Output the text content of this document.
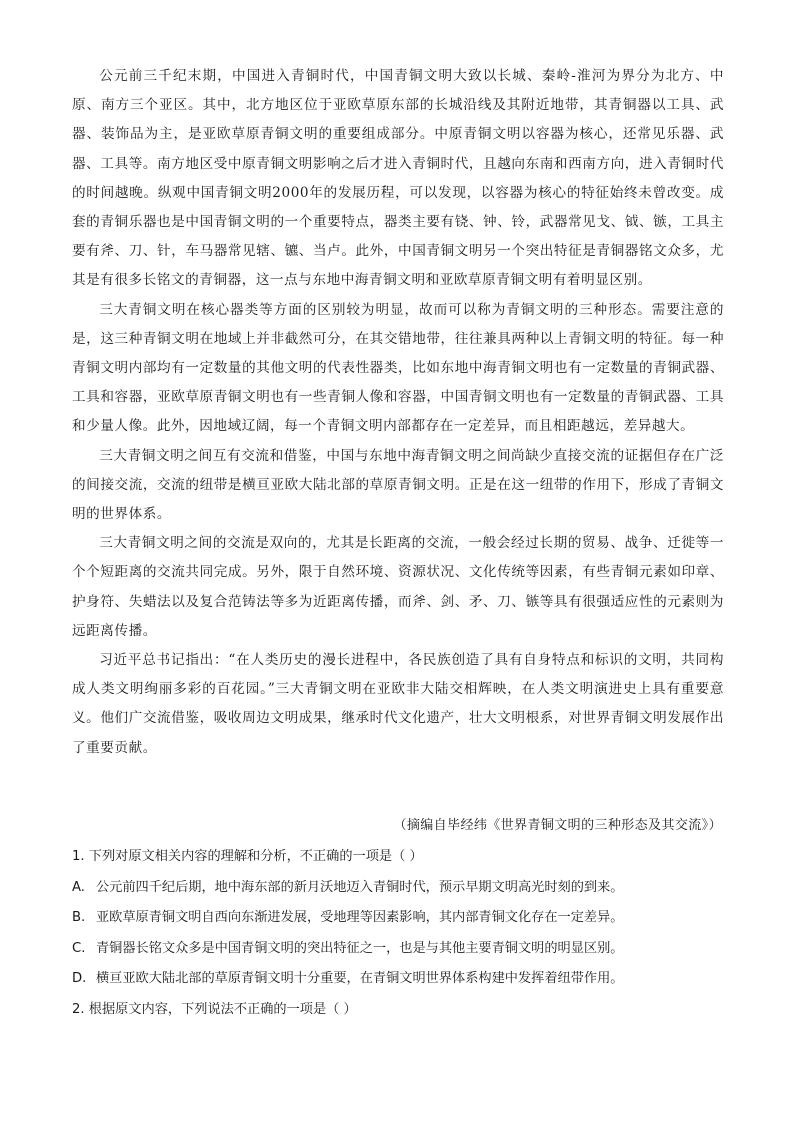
公元前三千纪末期，中国进入青铜时代，中国青铜文明大致以长城、秦岭-淮河为界分为北方、中原、南方三个亚区。其中，北方地区位于亚欧草原东部的长城沿线及其附近地带，其青铜器以工具、武器、装饰品为主，是亚欧草原青铜文明的重要组成部分。中原青铜文明以容器为核心，还常见乐器、武器、工具等。南方地区受中原青铜文明影响之后才进入青铜时代，且越向东南和西南方向，进入青铜时代的时间越晚。纵观中国青铜文明2000年的发展历程，可以发现，以容器为核心的特征始终未曾改变。成套的青铜乐器也是中国青铜文明的一个重要特点，器类主要有铙、钟、铃，武器常见戈、钺、镞，工具主要有斧、刀、针，车马器常见辖、镳、当卢。此外，中国青铜文明另一个突出特征是青铜器铭文众多，尤其是有很多长铭文的青铜器，这一点与东地中海青铜文明和亚欧草原青铜文明有着明显区别。

三大青铜文明在核心器类等方面的区别较为明显，故而可以称为青铜文明的三种形态。需要注意的是，这三种青铜文明在地域上并非截然可分，在其交错地带，往往兼具两种以上青铜文明的特征。每一种青铜文明内部均有一定数量的其他文明的代表性器类，比如东地中海青铜文明也有一定数量的青铜武器、工具和容器，亚欧草原青铜文明也有一些青铜人像和容器，中国青铜文明也有一定数量的青铜武器、工具和少量人像。此外，因地域辽阔，每一个青铜文明内部都存在一定差异，而且相距越远，差异越大。

三大青铜文明之间互有交流和借鉴，中国与东地中海青铜文明之间尚缺少直接交流的证据但存在广泛的间接交流，交流的纽带是横亘亚欧大陆北部的草原青铜文明。正是在这一纽带的作用下，形成了青铜文明的世界体系。

三大青铜文明之间的交流是双向的，尤其是长距离的交流，一般会经过长期的贸易、战争、迁徙等一个个短距离的交流共同完成。另外，限于自然环境、资源状况、文化传统等因素，有些青铜元素如印章、护身符、失蜡法以及复合范铸法等多为近距离传播，而斧、剑、矛、刀、镞等具有很强适应性的元素则为远距离传播。

习近平总书记指出：“在人类历史的漫长进程中，各民族创造了具有自身特点和标识的文明，共同构成人类文明绚丽多彩的百花园。”三大青铜文明在亚欧非大陆交相辉映，在人类文明演进史上具有重要意义。他们广交流借鉴，吸收周边文明成果，继承时代文化遗产，壮大文明根系，对世界青铜文明发展作出了重要贡献。

（摘编自毕经纬《世界青铜文明的三种形态及其交流》）
1. 下列对原文相关内容的理解和分析，不正确的一项是（ ）
A. 公元前四千纪后期，地中海东部的新月沃地迈入青铜时代，预示早期文明高光时刻的到来。
B. 亚欧草原青铜文明自西向东渐进发展，受地理等因素影响，其内部青铜文化存在一定差异。
C. 青铜器长铭文众多是中国青铜文明的突出特征之一，也是与其他主要青铜文明的明显区别。
D. 横亘亚欧大陆北部的草原青铜文明十分重要，在青铜文明世界体系构建中发挥着纽带作用。
2. 根据原文内容，下列说法不正确的一项是（ ）
